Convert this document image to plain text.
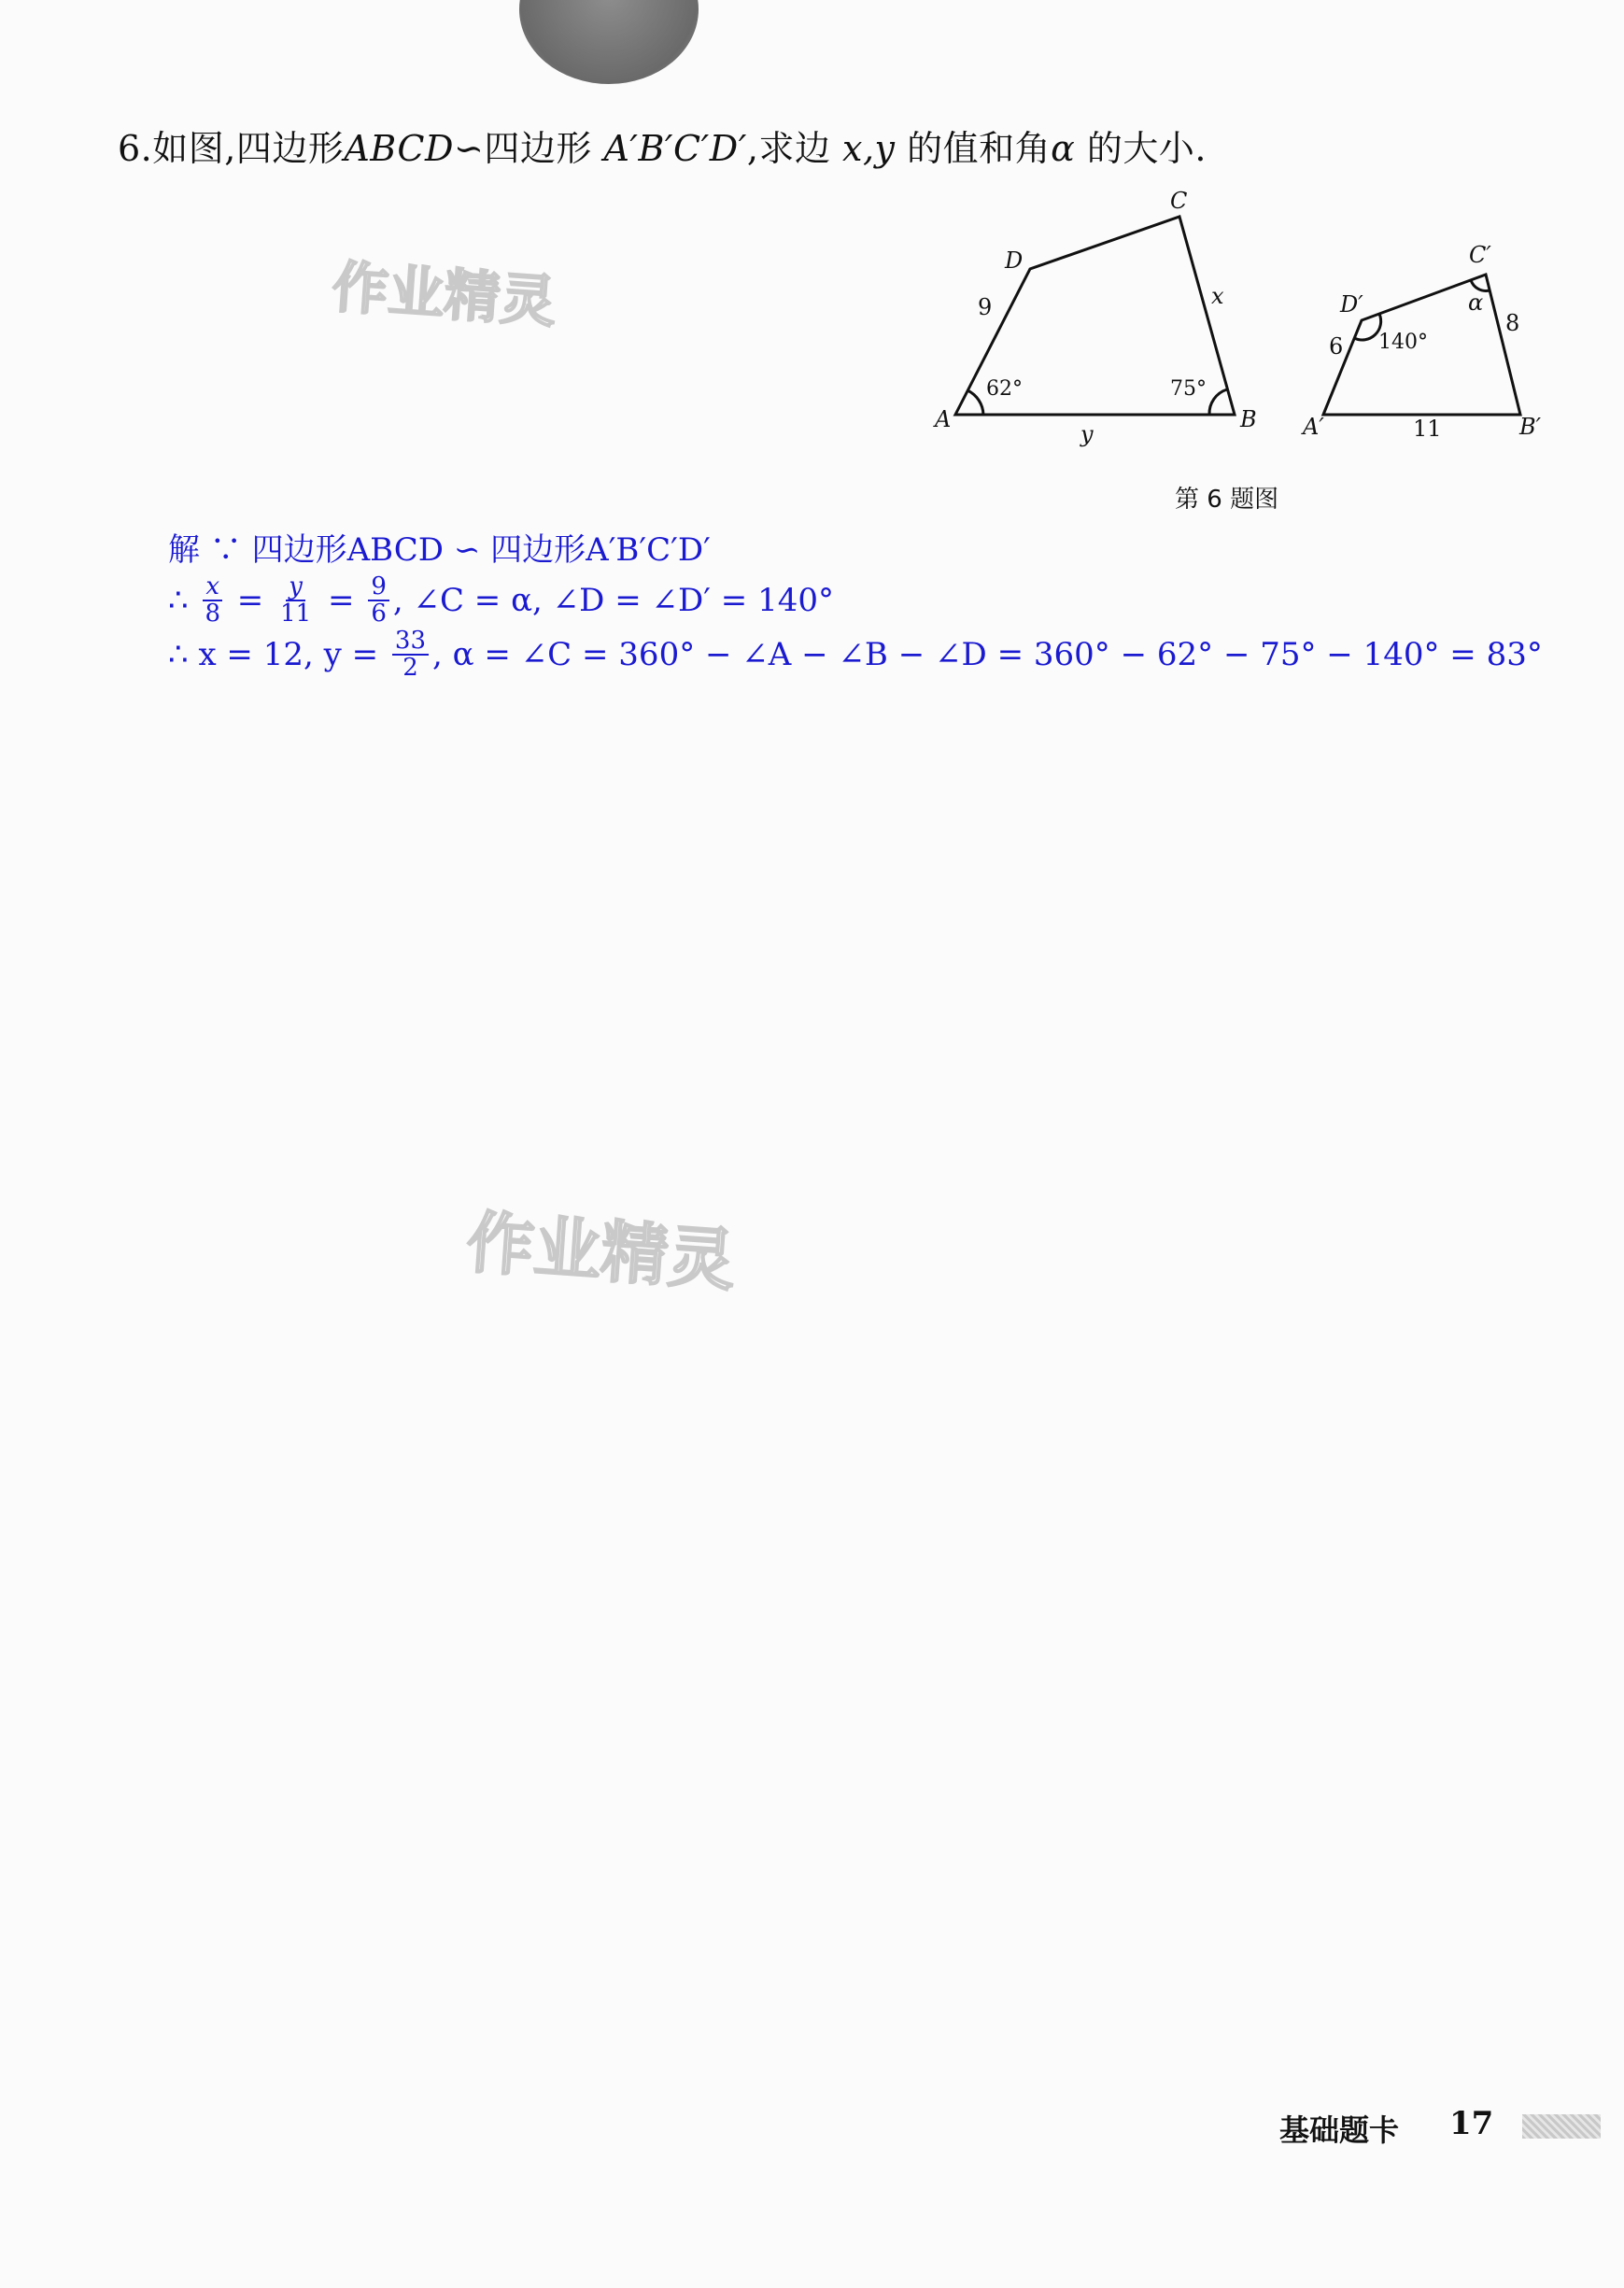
6.如图,四边形ABCD∽四边形 A′B′C′D′,求边 x,y 的值和角α 的大小.
作业精灵
作业精灵
A	B
C
D
9	x
y
62°	75°
A′	B′
C′
D′
6
8
11
140°
α
第 6 题图
解 ∵ 四边形ABCD ∽ 四边形A′B′C′D′
∴
$\frac{x}{8} = \frac{y}{11} = \frac{9}{6}$ , ∠C = α, ∠D = ∠D′ = 140°
∴ x = 12, y =
$\frac{33}{2}$ , α = ∠C = 360° − ∠A − ∠B − ∠D = 360° − 62° − 75° − 140° = 83°
基础题卡 17
